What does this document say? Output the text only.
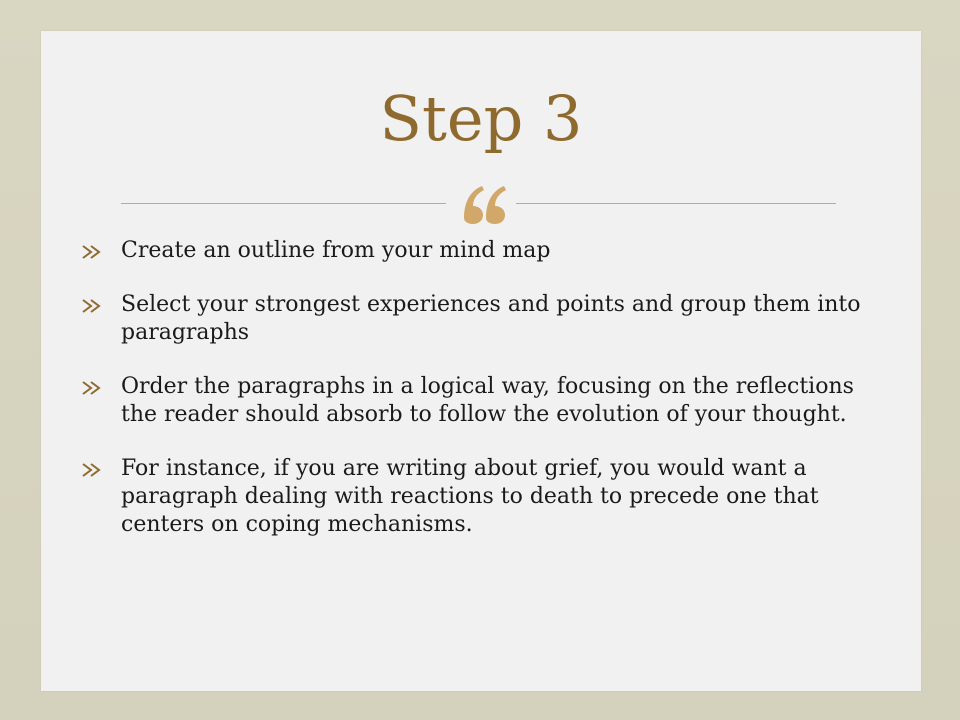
Step 3
Create an outline from your mind map
Select your strongest experiences and points and group them into paragraphs
Order the paragraphs in a logical way, focusing on the reflections the reader should absorb to follow the evolution of your thought.
For instance, if you are writing about grief, you would want a paragraph dealing with reactions to death to precede one that centers on coping mechanisms.
